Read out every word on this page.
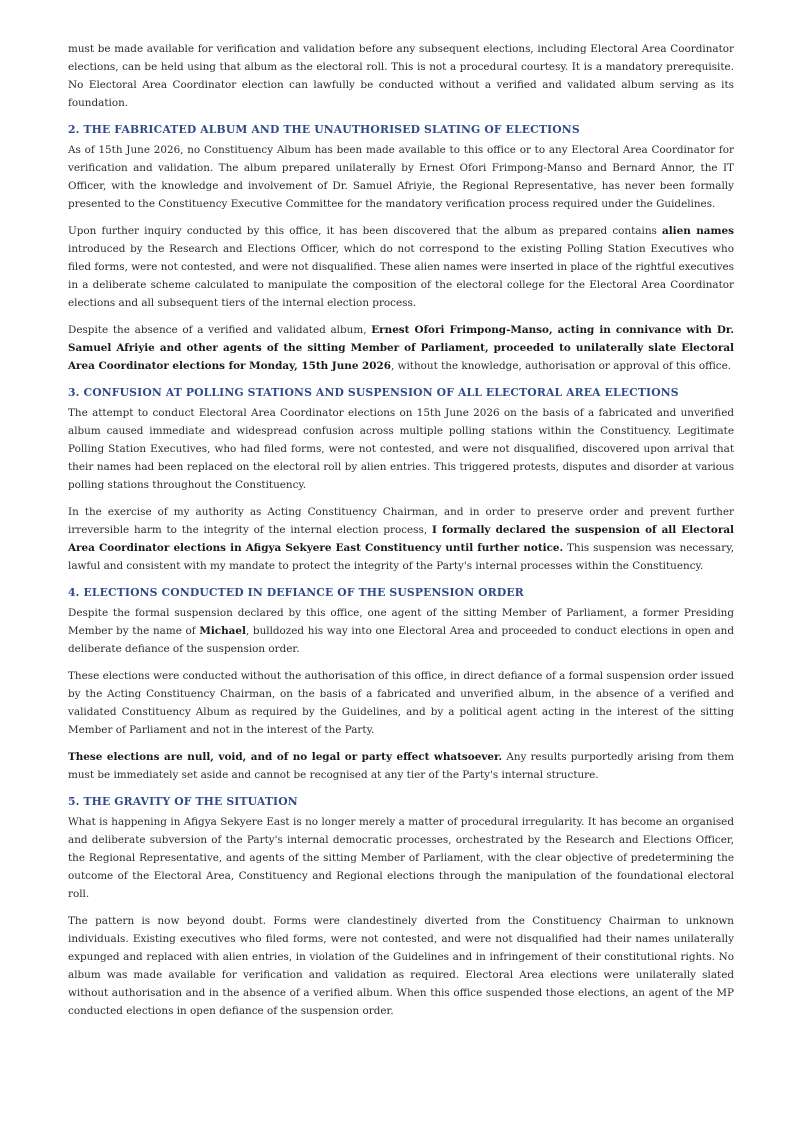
must be made available for verification and validation before any subsequent elections, including Electoral Area Coordinator elections, can be held using that album as the electoral roll. This is not a procedural courtesy. It is a mandatory prerequisite. No Electoral Area Coordinator election can lawfully be conducted without a verified and validated album serving as its foundation.

2. THE FABRICATED ALBUM AND THE UNAUTHORISED SLATING OF ELECTIONS

As of 15th June 2026, no Constituency Album has been made available to this office or to any Electoral Area Coordinator for verification and validation. The album prepared unilaterally by Ernest Ofori Frimpong-Manso and Bernard Annor, the IT Officer, with the knowledge and involvement of Dr. Samuel Afriyie, the Regional Representative, has never been formally presented to the Constituency Executive Committee for the mandatory verification process required under the Guidelines.

Upon further inquiry conducted by this office, it has been discovered that the album as prepared contains alien names introduced by the Research and Elections Officer, which do not correspond to the existing Polling Station Executives who filed forms, were not contested, and were not disqualified. These alien names were inserted in place of the rightful executives in a deliberate scheme calculated to manipulate the composition of the electoral college for the Electoral Area Coordinator elections and all subsequent tiers of the internal election process.

Despite the absence of a verified and validated album, Ernest Ofori Frimpong-Manso, acting in connivance with Dr. Samuel Afriyie and other agents of the sitting Member of Parliament, proceeded to unilaterally slate Electoral Area Coordinator elections for Monday, 15th June 2026, without the knowledge, authorisation or approval of this office.

3. CONFUSION AT POLLING STATIONS AND SUSPENSION OF ALL ELECTORAL AREA ELECTIONS

The attempt to conduct Electoral Area Coordinator elections on 15th June 2026 on the basis of a fabricated and unverified album caused immediate and widespread confusion across multiple polling stations within the Constituency. Legitimate Polling Station Executives, who had filed forms, were not contested, and were not disqualified, discovered upon arrival that their names had been replaced on the electoral roll by alien entries. This triggered protests, disputes and disorder at various polling stations throughout the Constituency.

In the exercise of my authority as Acting Constituency Chairman, and in order to preserve order and prevent further irreversible harm to the integrity of the internal election process, I formally declared the suspension of all Electoral Area Coordinator elections in Afigya Sekyere East Constituency until further notice. This suspension was necessary, lawful and consistent with my mandate to protect the integrity of the Party's internal processes within the Constituency.

4. ELECTIONS CONDUCTED IN DEFIANCE OF THE SUSPENSION ORDER

Despite the formal suspension declared by this office, one agent of the sitting Member of Parliament, a former Presiding Member by the name of Michael, bulldozed his way into one Electoral Area and proceeded to conduct elections in open and deliberate defiance of the suspension order.

These elections were conducted without the authorisation of this office, in direct defiance of a formal suspension order issued by the Acting Constituency Chairman, on the basis of a fabricated and unverified album, in the absence of a verified and validated Constituency Album as required by the Guidelines, and by a political agent acting in the interest of the sitting Member of Parliament and not in the interest of the Party.

These elections are null, void, and of no legal or party effect whatsoever. Any results purportedly arising from them must be immediately set aside and cannot be recognised at any tier of the Party's internal structure.

5. THE GRAVITY OF THE SITUATION

What is happening in Afigya Sekyere East is no longer merely a matter of procedural irregularity. It has become an organised and deliberate subversion of the Party's internal democratic processes, orchestrated by the Research and Elections Officer, the Regional Representative, and agents of the sitting Member of Parliament, with the clear objective of predetermining the outcome of the Electoral Area, Constituency and Regional elections through the manipulation of the foundational electoral roll.

The pattern is now beyond doubt. Forms were clandestinely diverted from the Constituency Chairman to unknown individuals. Existing executives who filed forms, were not contested, and were not disqualified had their names unilaterally expunged and replaced with alien entries, in violation of the Guidelines and in infringement of their constitutional rights. No album was made available for verification and validation as required. Electoral Area elections were unilaterally slated without authorisation and in the absence of a verified album. When this office suspended those elections, an agent of the MP conducted elections in open defiance of the suspension order.
